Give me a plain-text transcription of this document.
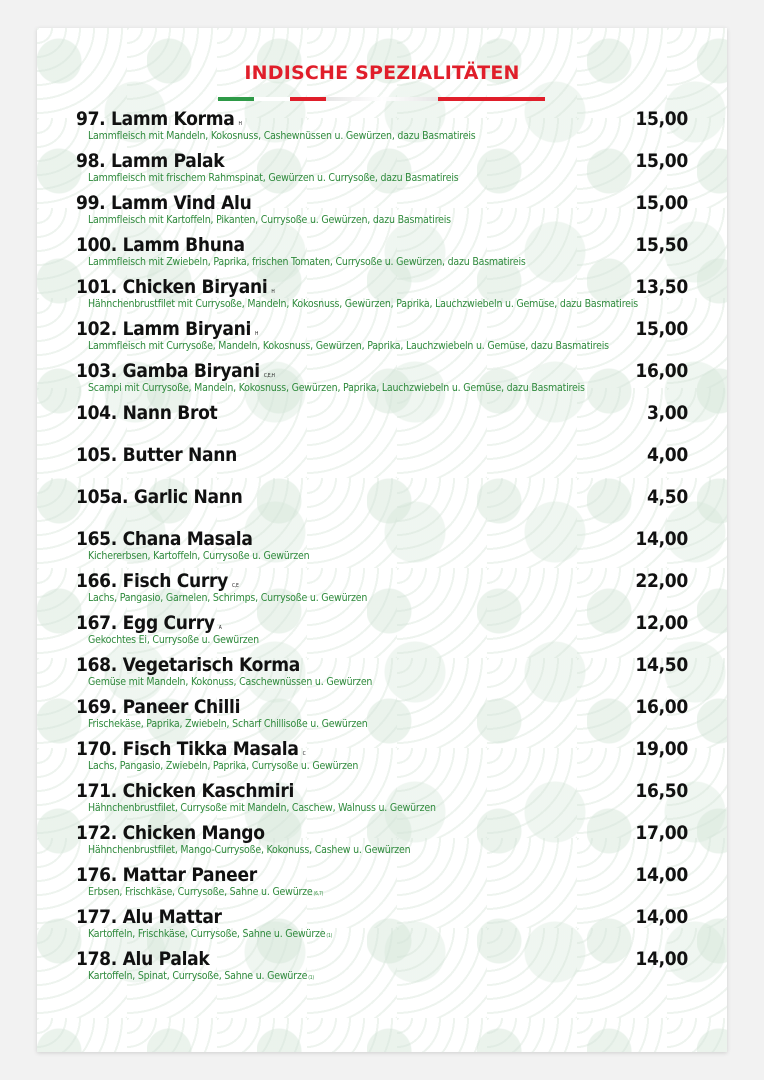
INDISCHE SPEZIALITÄTEN
97. Lamm Korma H	15,00
Lammfleisch mit Mandeln, Kokosnuss, Cashewnüssen u. Gewürzen, dazu Basmatireis
98. Lamm Palak	15,00
Lammfleisch mit frischem Rahmspinat, Gewürzen u. Currysoße, dazu Basmatireis
99. Lamm Vind Alu	15,00
Lammfleisch mit Kartoffeln, Pikanten, Currysoße u. Gewürzen, dazu Basmatireis
100. Lamm Bhuna	15,50
Lammfleisch mit Zwiebeln, Paprika, frischen Tomaten, Currysoße u. Gewürzen, dazu Basmatireis
101. Chicken Biryani H	13,50
Hähnchenbrustfilet mit Currysoße, Mandeln, Kokosnuss, Gewürzen, Paprika, Lauchzwiebeln u. Gemüse, dazu Basmatireis
102. Lamm Biryani H	15,00
Lammfleisch mit Currysoße, Mandeln, Kokosnuss, Gewürzen, Paprika, Lauchzwiebeln u. Gemüse, dazu Basmatireis
103. Gamba Biryani C,E,H	16,00
Scampi mit Currysoße, Mandeln, Kokosnuss, Gewürzen, Paprika, Lauchzwiebeln u. Gemüse, dazu Basmatireis
104. Nann Brot	3,00
105. Butter Nann	4,00
105a. Garlic Nann	4,50
165. Chana Masala	14,00
Kichererbsen, Kartoffeln, Currysoße u. Gewürzen
166. Fisch Curry C,E	22,00
Lachs, Pangasio, Garnelen, Schrimps, Currysoße u. Gewürzen
167. Egg Curry A	12,00
Gekochtes Ei, Currysoße u. Gewürzen
168. Vegetarisch Korma	14,50
Gemüse mit Mandeln, Kokonuss, Caschewnüssen u. Gewürzen
169. Paneer Chilli	16,00
Frischekäse, Paprika, Zwiebeln, Scharf Chillisoße u. Gewürzen
170. Fisch Tikka Masala C	19,00
Lachs, Pangasio, Zwiebeln, Paprika, Currysoße u. Gewürzen
171. Chicken Kaschmiri	16,50
Hähnchenbrustfilet, Currysoße mit Mandeln, Caschew, Walnuss u. Gewürzen
172. Chicken Mango	17,00
Hähnchenbrustfilet, Mango-Currysoße, Kokonuss, Cashew u. Gewürzen
176. Mattar Paneer	14,00
Erbsen, Frischkäse, Currysoße, Sahne u. Gewürze(6,7)
177. Alu Mattar	14,00
Kartoffeln, Frischkäse, Currysoße, Sahne u. Gewürze(1)
178. Alu Palak	14,00
Kartoffeln, Spinat, Currysoße, Sahne u. Gewürze(1)
